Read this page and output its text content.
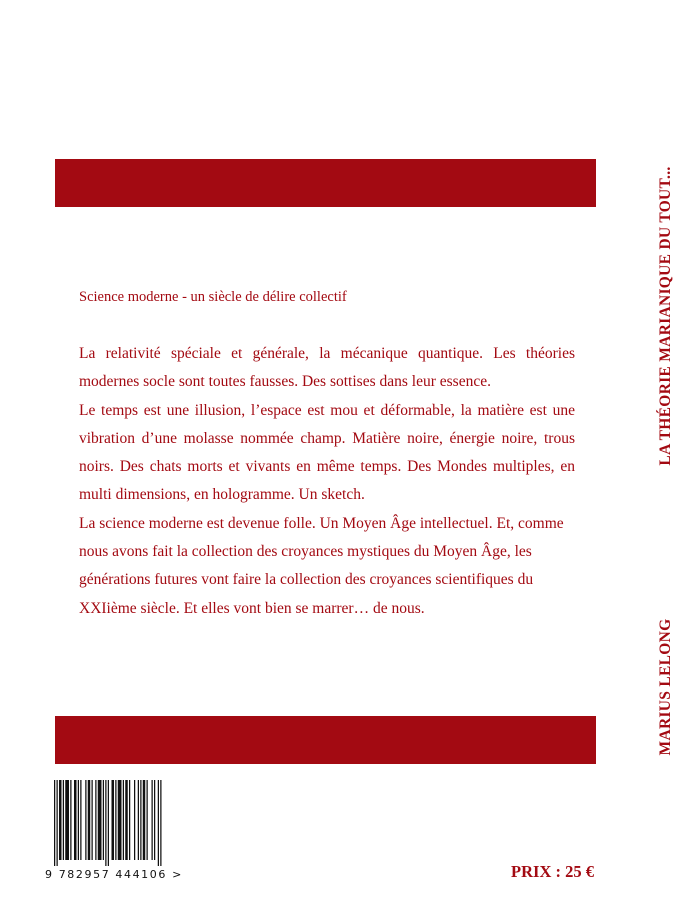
Science moderne - un siècle de délire collectif

La relativité spéciale et générale, la mécanique quantique. Les théories modernes socle sont toutes fausses. Des sottises dans leur essence.

Le temps est une illusion, l’espace est mou et déformable, la matière est une vibration d’une molasse nommée champ. Matière noire, énergie noire, trous noirs. Des chats morts et vivants en même temps. Des Mondes multiples, en multi dimensions, en hologramme. Un sketch.

La science moderne est devenue folle. Un Moyen Âge intellectuel. Et, comme nous avons fait la collection des croyances mystiques du Moyen Âge, les générations futures vont faire la collection des croyances scientifiques du XXIième siècle. Et elles vont bien se marrer… de nous.

LA THÉORIE MARIANIQUE DU TOUT...
MARIUS LELONG

9 782957 444106 >	PRIX : 25 €
